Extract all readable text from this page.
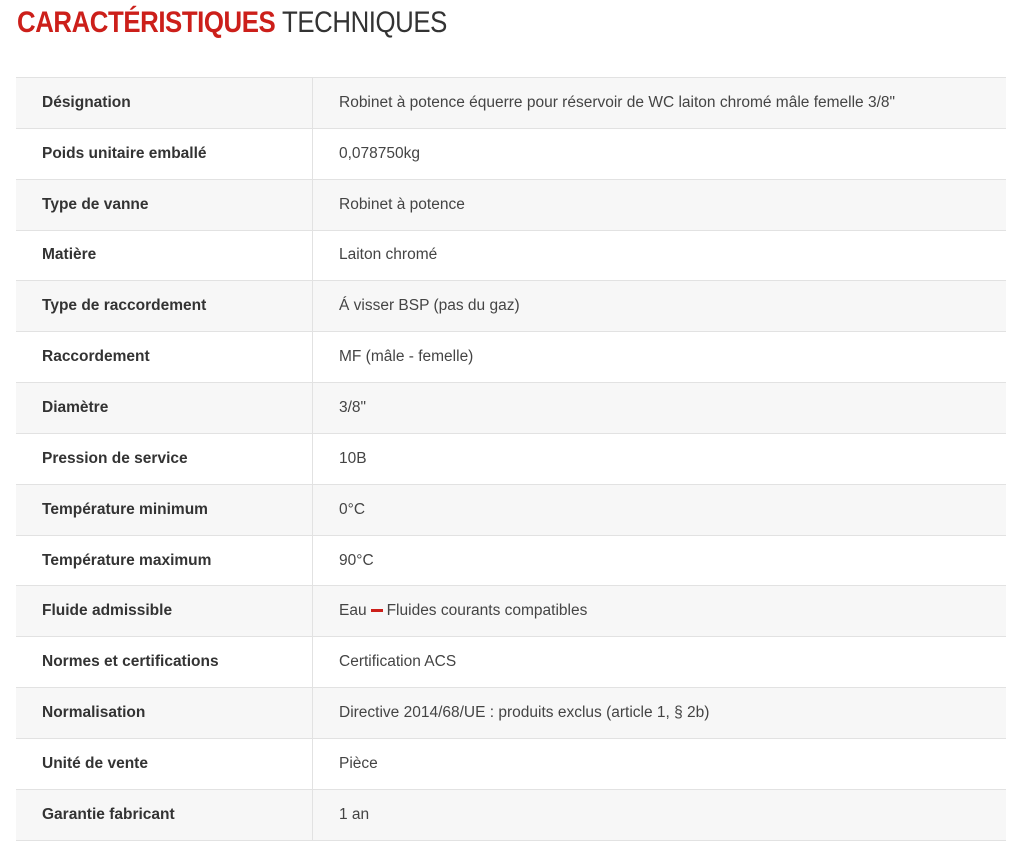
CARACTÉRISTIQUES TECHNIQUES
Désignation	Robinet à potence équerre pour réservoir de WC laiton chromé mâle femelle 3/8"
Poids unitaire emballé	0,078750kg
Type de vanne	Robinet à potence
Matière	Laiton chromé
Type de raccordement	Á visser BSP (pas du gaz)
Raccordement	MF (mâle - femelle)
Diamètre	3/8"
Pression de service	10B
Température minimum	0°C
Température maximum	90°C
Fluide admissible	Eau Fluides courants compatibles
Normes et certifications	Certification ACS
Normalisation	Directive 2014/68/UE : produits exclus (article 1, § 2b)
Unité de vente	Pièce
Garantie fabricant	1 an
